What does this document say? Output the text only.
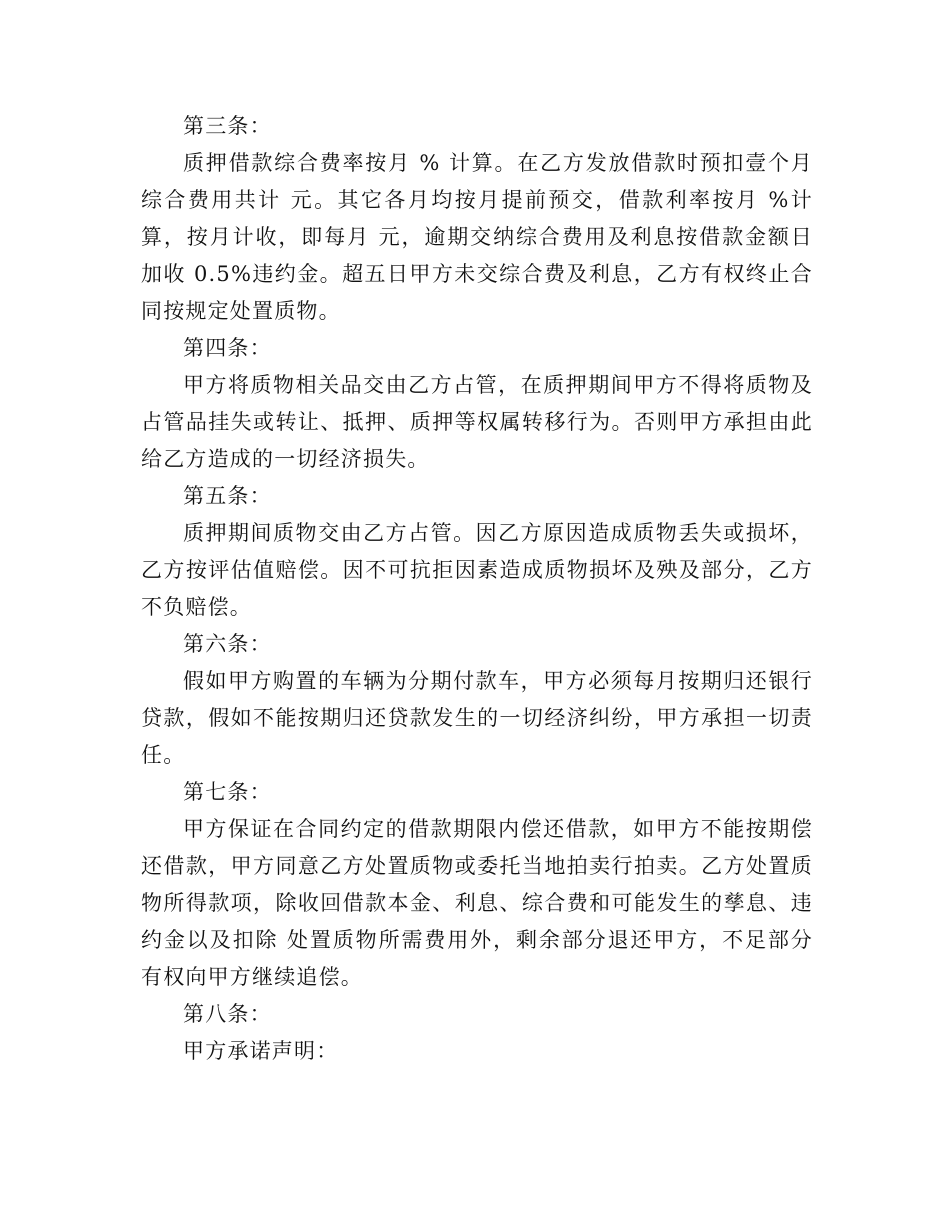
第三条：

质押借款综合费率按月 % 计算。在乙方发放借款时预扣壹个月综合费用共计 元。其它各月均按月提前预交，借款利率按月 %计算，按月计收，即每月 元，逾期交纳综合费用及利息按借款金额日加收 0.5%违约金。超五日甲方未交综合费及利息，乙方有权终止合同按规定处置质物。

第四条：

甲方将质物相关品交由乙方占管，在质押期间甲方不得将质物及占管品挂失或转让、抵押、质押等权属转移行为。否则甲方承担由此给乙方造成的一切经济损失。

第五条：

质押期间质物交由乙方占管。因乙方原因造成质物丢失或损坏，乙方按评估值赔偿。因不可抗拒因素造成质物损坏及殃及部分，乙方不负赔偿。

第六条：

假如甲方购置的车辆为分期付款车，甲方必须每月按期归还银行贷款，假如不能按期归还贷款发生的一切经济纠纷，甲方承担一切责任。

第七条：

甲方保证在合同约定的借款期限内偿还借款，如甲方不能按期偿还借款，甲方同意乙方处置质物或委托当地拍卖行拍卖。乙方处置质物所得款项，除收回借款本金、利息、综合费和可能发生的孳息、违约金以及扣除 处置质物所需费用外，剩余部分退还甲方，不足部分有权向甲方继续追偿。

第八条：

甲方承诺声明：
